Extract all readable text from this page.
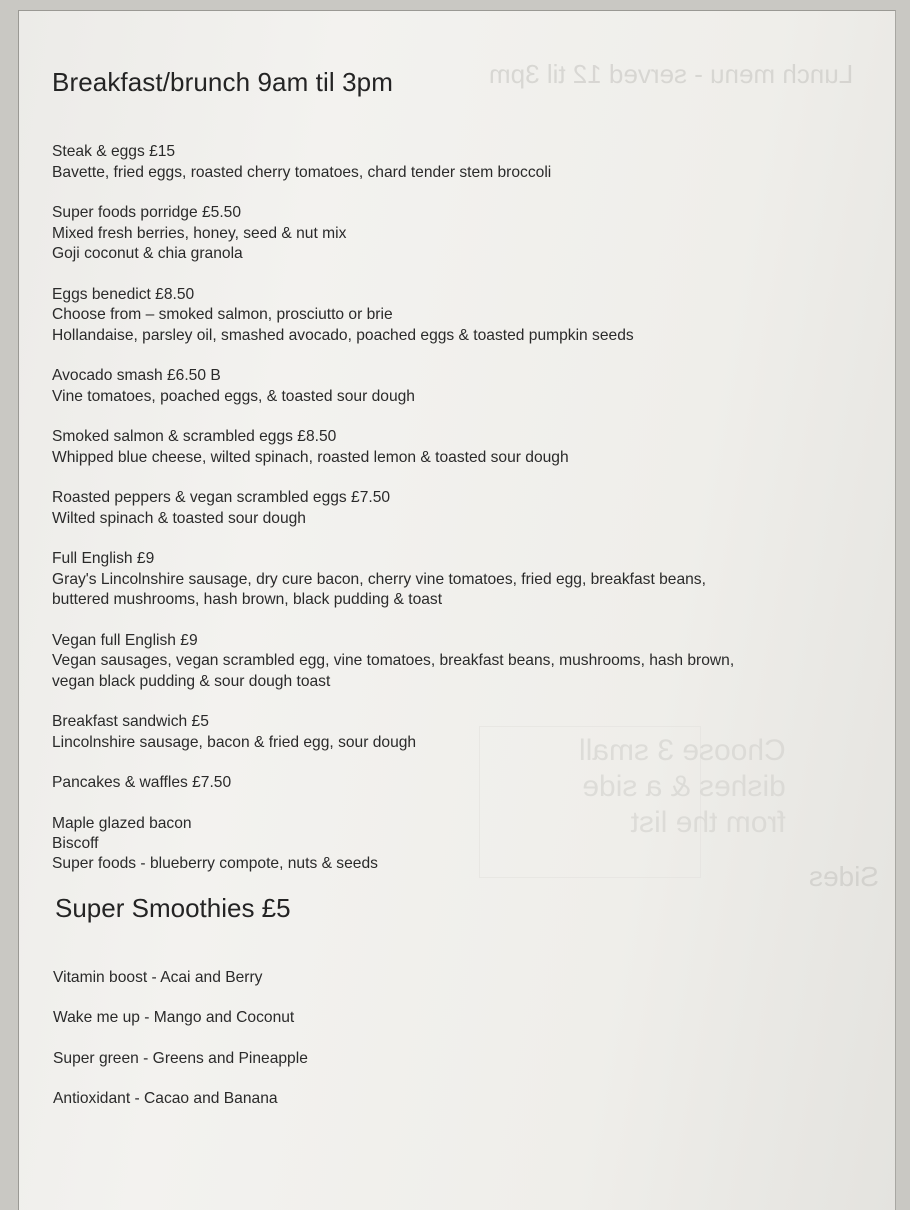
Lunch menu - served 12 til 3pm
Choose 3 small
dishes & a side
from the list
Sides
Breakfast/brunch 9am til 3pm
Steak & eggs £15
Bavette, fried eggs, roasted cherry tomatoes, chard tender stem broccoli
Super foods porridge £5.50
Mixed fresh berries, honey, seed & nut mix
Goji coconut & chia granola
Eggs benedict £8.50
Choose from – smoked salmon, prosciutto or brie
Hollandaise, parsley oil, smashed avocado, poached eggs & toasted pumpkin seeds
Avocado smash £6.50 B
Vine tomatoes, poached eggs, & toasted sour dough
Smoked salmon & scrambled eggs £8.50
Whipped blue cheese, wilted spinach, roasted lemon & toasted sour dough
Roasted peppers & vegan scrambled eggs £7.50
Wilted spinach & toasted sour dough
Full English £9
Gray's Lincolnshire sausage, dry cure bacon, cherry vine tomatoes, fried egg, breakfast beans,
buttered mushrooms, hash brown, black pudding & toast
Vegan full English £9
Vegan sausages, vegan scrambled egg, vine tomatoes, breakfast beans, mushrooms, hash brown,
vegan black pudding & sour dough toast
Breakfast sandwich £5
Lincolnshire sausage, bacon & fried egg, sour dough
Pancakes & waffles £7.50
Maple glazed bacon
Biscoff
Super foods - blueberry compote, nuts & seeds
Super Smoothies £5
Vitamin boost - Acai and Berry
Wake me up - Mango and Coconut
Super green - Greens and Pineapple
Antioxidant - Cacao and Banana
